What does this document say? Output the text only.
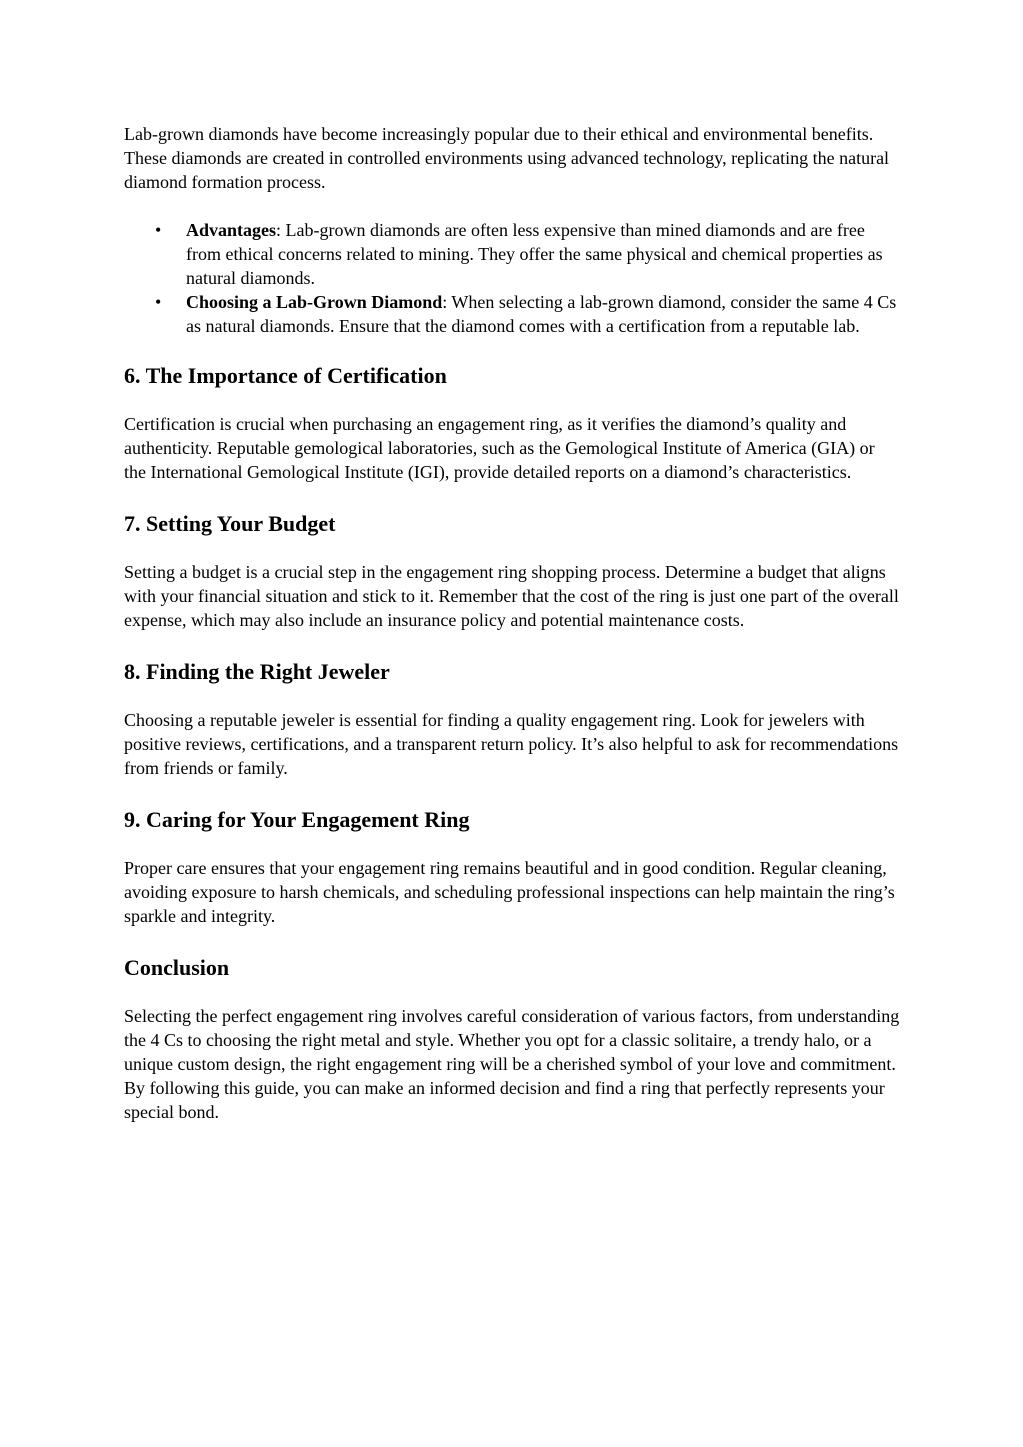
Lab-grown diamonds have become increasingly popular due to their ethical and environmental benefits. These diamonds are created in controlled environments using advanced technology, replicating the natural diamond formation process.

• Advantages: Lab-grown diamonds are often less expensive than mined diamonds and are free from ethical concerns related to mining. They offer the same physical and chemical properties as natural diamonds.
• Choosing a Lab-Grown Diamond: When selecting a lab-grown diamond, consider the same 4 Cs as natural diamonds. Ensure that the diamond comes with a certification from a reputable lab.
6. The Importance of Certification

Certification is crucial when purchasing an engagement ring, as it verifies the diamond’s quality and authenticity. Reputable gemological laboratories, such as the Gemological Institute of America (GIA) or the International Gemological Institute (IGI), provide detailed reports on a diamond’s characteristics.

7. Setting Your Budget

Setting a budget is a crucial step in the engagement ring shopping process. Determine a budget that aligns with your financial situation and stick to it. Remember that the cost of the ring is just one part of the overall expense, which may also include an insurance policy and potential maintenance costs.

8. Finding the Right Jeweler

Choosing a reputable jeweler is essential for finding a quality engagement ring. Look for jewelers with positive reviews, certifications, and a transparent return policy. It’s also helpful to ask for recommendations from friends or family.

9. Caring for Your Engagement Ring

Proper care ensures that your engagement ring remains beautiful and in good condition. Regular cleaning, avoiding exposure to harsh chemicals, and scheduling professional inspections can help maintain the ring’s sparkle and integrity.

Conclusion

Selecting the perfect engagement ring involves careful consideration of various factors, from understanding the 4 Cs to choosing the right metal and style. Whether you opt for a classic solitaire, a trendy halo, or a unique custom design, the right engagement ring will be a cherished symbol of your love and commitment. By following this guide, you can make an informed decision and find a ring that perfectly represents your special bond.
